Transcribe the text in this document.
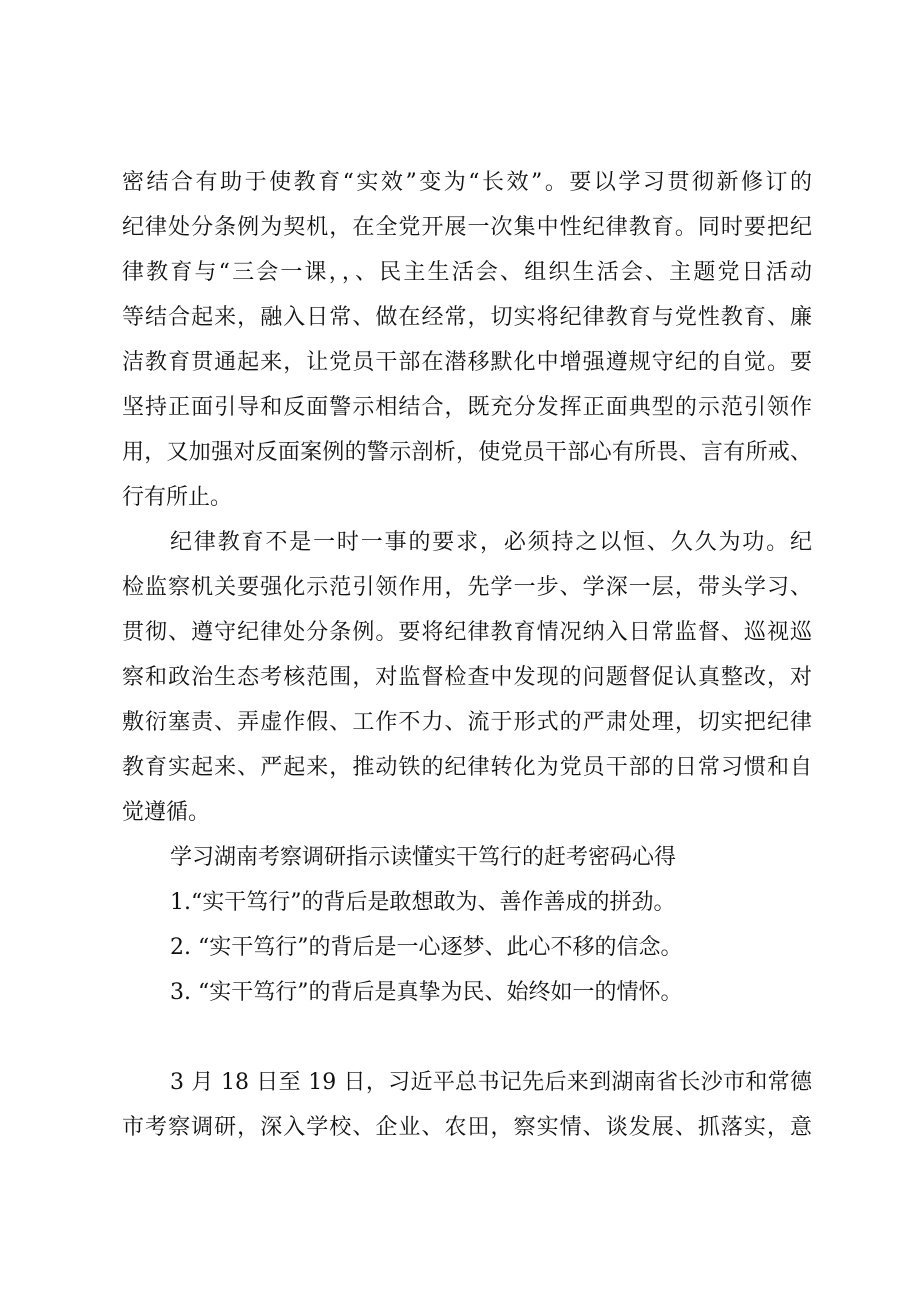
密结合有助于使教育“实效”变为“长效”。要以学习贯彻新修订的
纪律处分条例为契机，在全党开展一次集中性纪律教育。同时要把纪
律教育与“三会一课，，、民主生活会、组织生活会、主题党日活动
等结合起来，融入日常、做在经常，切实将纪律教育与党性教育、廉
洁教育贯通起来，让党员干部在潜移默化中增强遵规守纪的自觉。要
坚持正面引导和反面警示相结合，既充分发挥正面典型的示范引领作
用，又加强对反面案例的警示剖析，使党员干部心有所畏、言有所戒、
行有所止。
纪律教育不是一时一事的要求，必须持之以恒、久久为功。纪
检监察机关要强化示范引领作用，先学一步、学深一层，带头学习、
贯彻、遵守纪律处分条例。要将纪律教育情况纳入日常监督、巡视巡
察和政治生态考核范围，对监督检查中发现的问题督促认真整改，对
敷衍塞责、弄虚作假、工作不力、流于形式的严肃处理，切实把纪律
教育实起来、严起来，推动铁的纪律转化为党员干部的日常习惯和自
觉遵循。
学习湖南考察调研指示读懂实干笃行的赶考密码心得
1.“实干笃行”的背后是敢想敢为、善作善成的拼劲。
2. “实干笃行”的背后是一心逐梦、此心不移的信念。
3. “实干笃行”的背后是真挚为民、始终如一的情怀。
3 月 18 日至 19 日，习近平总书记先后来到湖南省长沙市和常德
市考察调研，深入学校、企业、农田，察实情、谈发展、抓落实，意
